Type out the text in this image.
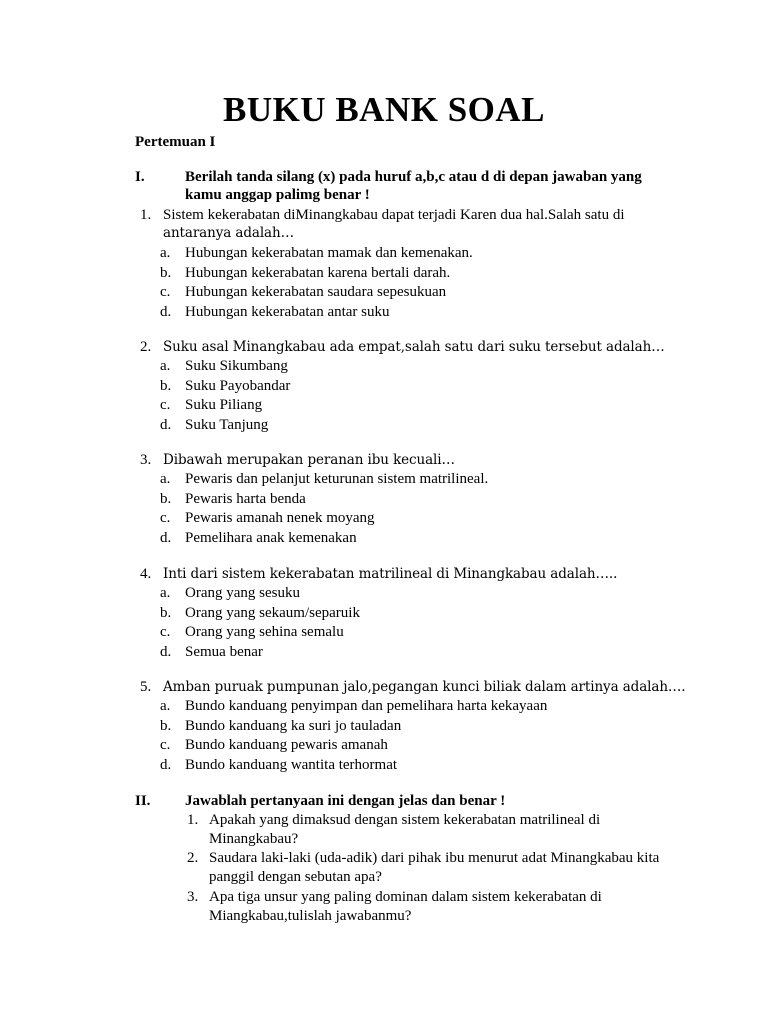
BUKU BANK SOAL
Pertemuan I
I.	Berilah tanda silang (x) pada huruf a,b,c atau d di depan jawaban yang
kamu anggap palimg benar !
1. Sistem kekerabatan diMinangkabau dapat terjadi Karen dua hal.Salah satu di
antaranya adalah…
a. Hubungan kekerabatan mamak dan kemenakan.
b. Hubungan kekerabatan karena bertali darah.
c. Hubungan kekerabatan saudara sepesukuan
d. Hubungan kekerabatan antar suku
2. Suku asal Minangkabau ada empat,salah satu dari suku tersebut adalah…
a. Suku Sikumbang
b. Suku Payobandar
c. Suku Piliang
d. Suku Tanjung
3. Dibawah merupakan peranan ibu kecuali…
a. Pewaris dan pelanjut keturunan sistem matrilineal.
b. Pewaris harta benda
c. Pewaris amanah nenek moyang
d. Pemelihara anak kemenakan
4. Inti dari sistem kekerabatan matrilineal di Minangkabau adalah…..
a. Orang yang sesuku
b. Orang yang sekaum/separuik
c. Orang yang sehina semalu
d. Semua benar
5. Amban puruak pumpunan jalo,pegangan kunci biliak dalam artinya adalah….
a. Bundo kanduang penyimpan dan pemelihara harta kekayaan
b. Bundo kanduang ka suri jo tauladan
c. Bundo kanduang pewaris amanah
d. Bundo kanduang wantita terhormat
II.	Jawablah pertanyaan ini dengan jelas dan benar !
1. Apakah yang dimaksud dengan sistem kekerabatan matrilineal di
Minangkabau?
2. Saudara laki-laki (uda-adik) dari pihak ibu menurut adat Minangkabau kita
panggil dengan sebutan apa?
3. Apa tiga unsur yang paling dominan dalam sistem kekerabatan di
Miangkabau,tulislah jawabanmu?
